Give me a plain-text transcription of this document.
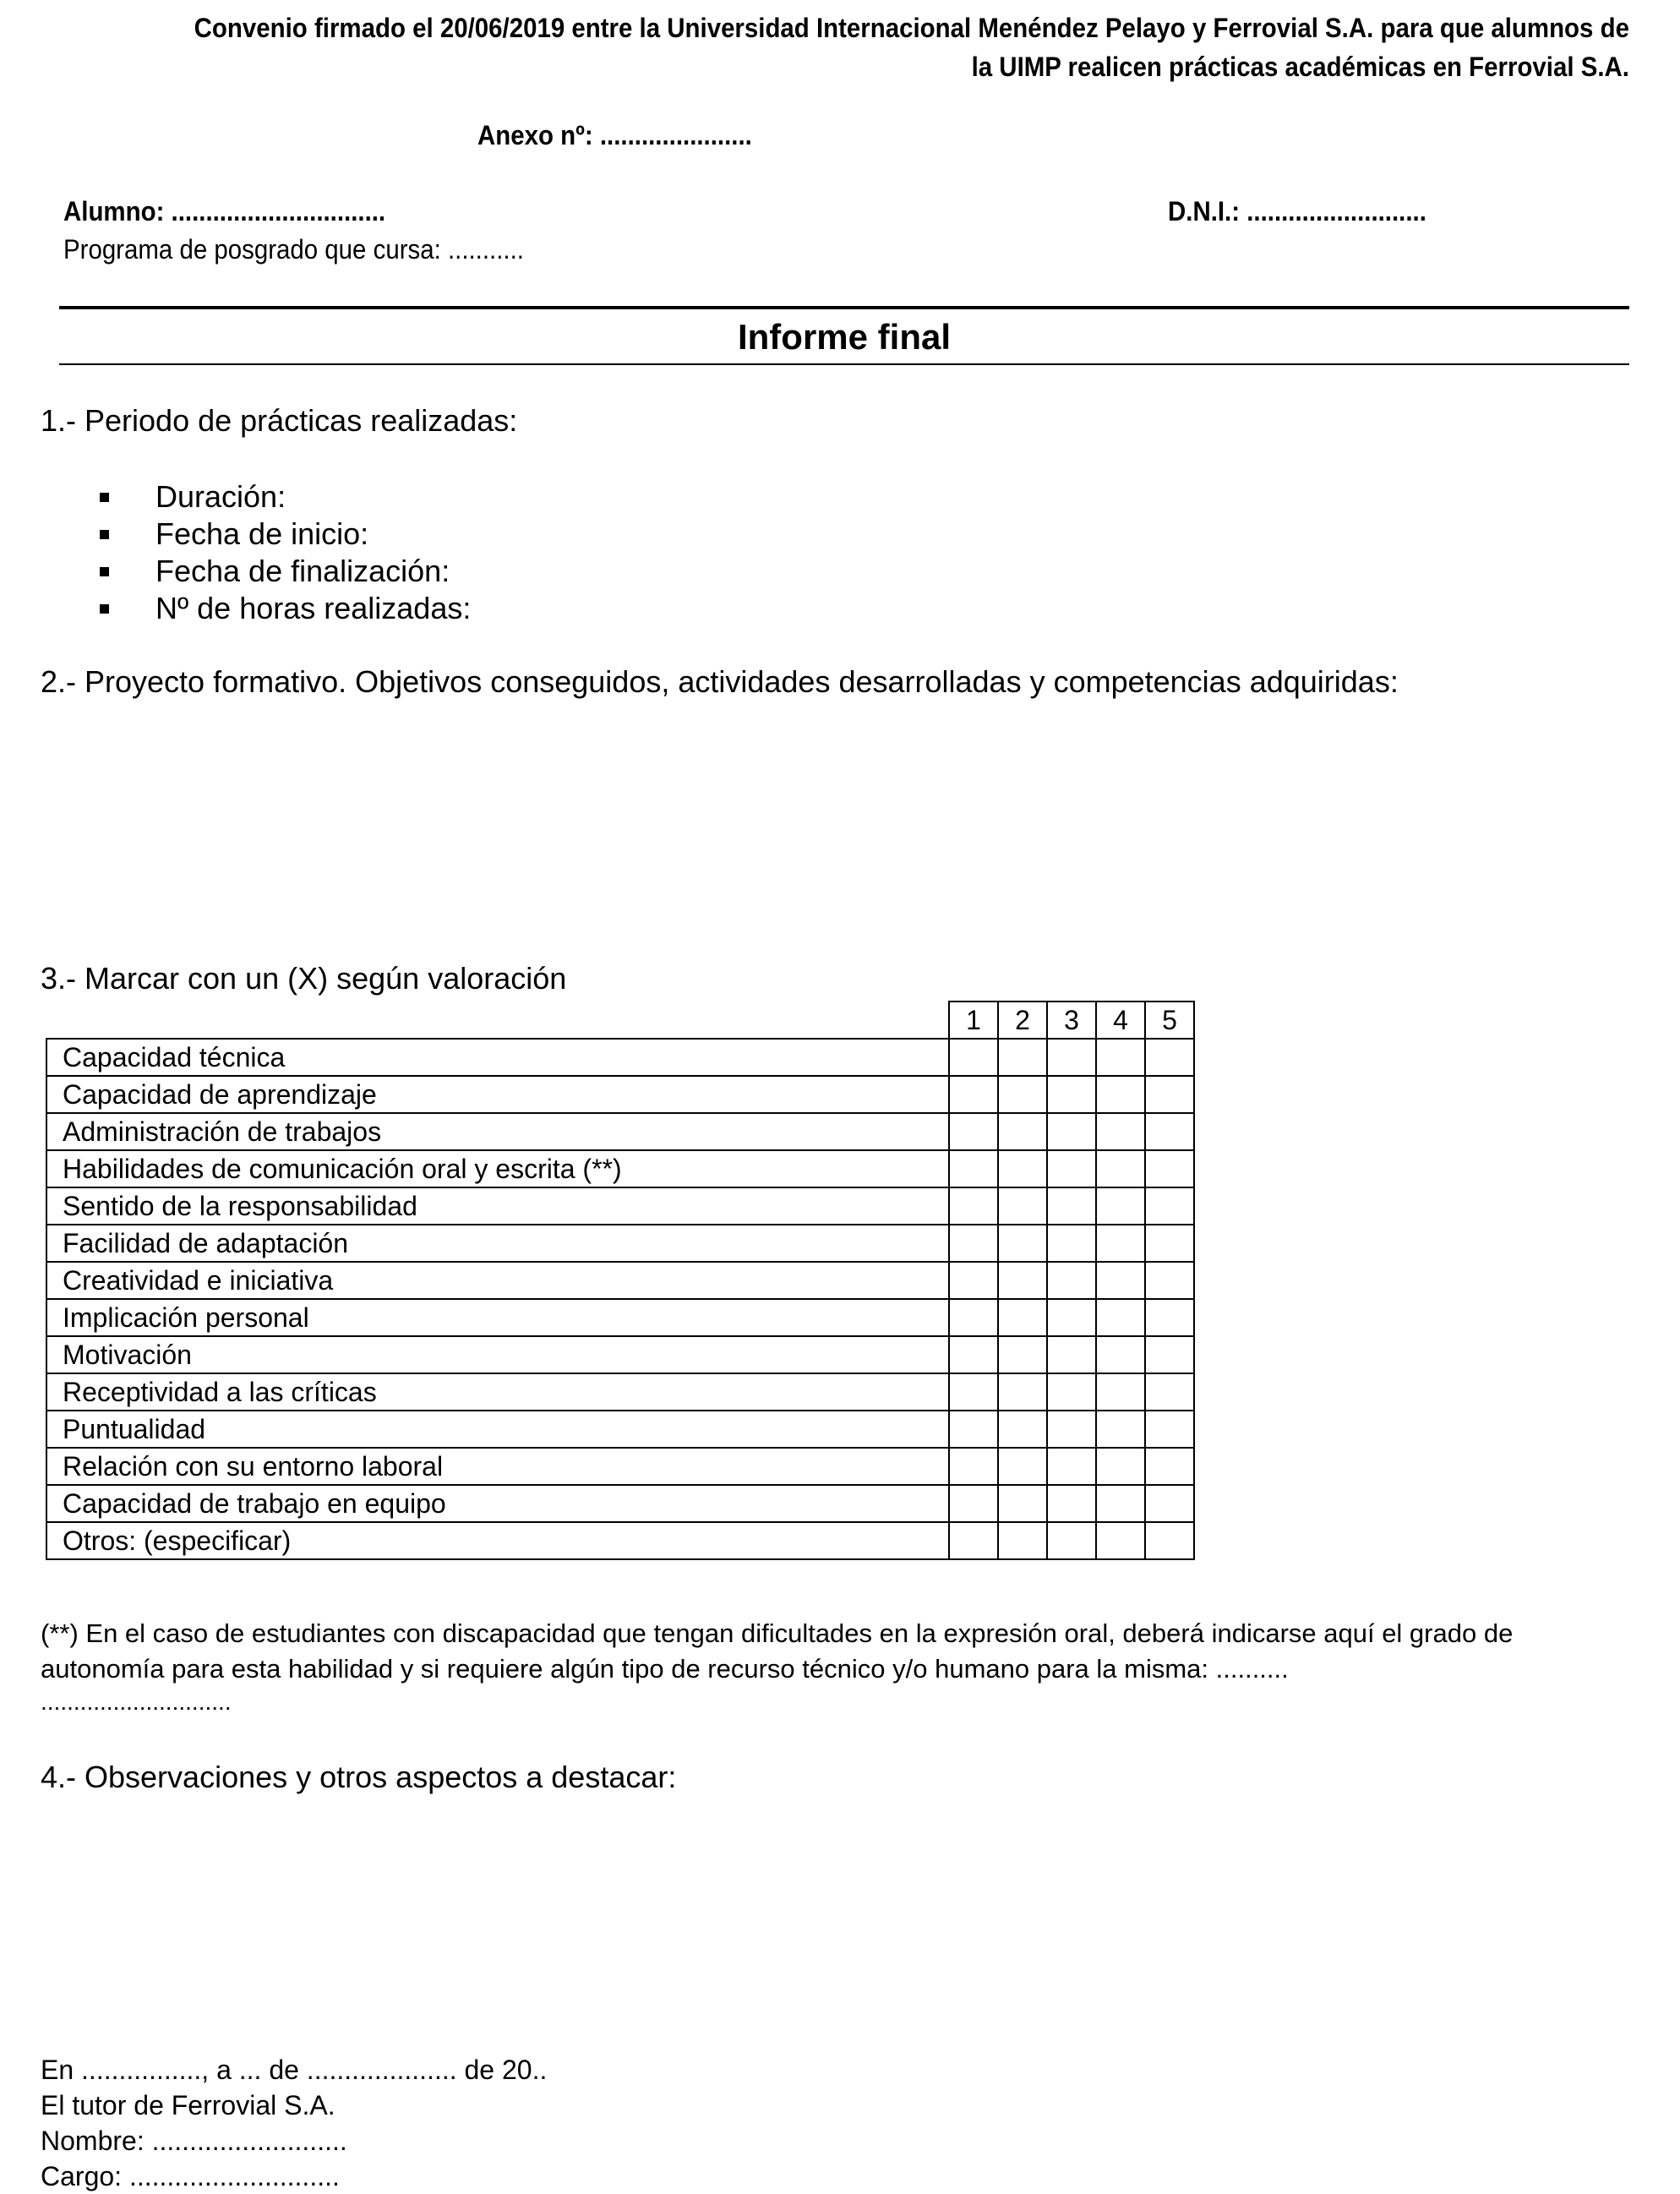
Convenio firmado el 20/06/2019 entre la Universidad Internacional Menéndez Pelayo y Ferrovial S.A. para que alumnos de
la UIMP realicen prácticas académicas en Ferrovial S.A.
Anexo nº: ......................
Alumno: ...............................	D.N.I.: ..........................
Programa de posgrado que cursa: ...........
Informe final
1.- Periodo de prácticas realizadas:
Duración:
Fecha de inicio:
Fecha de finalización:
Nº de horas realizadas:
2.- Proyecto formativo. Objetivos conseguidos, actividades desarrolladas y competencias adquiridas:
3.- Marcar con un (X) según valoración
	1	2	3	4	5
Capacidad técnica					
Capacidad de aprendizaje					
Administración de trabajos					
Habilidades de comunicación oral y escrita (**)					
Sentido de la responsabilidad					
Facilidad de adaptación					
Creatividad e iniciativa					
Implicación personal					
Motivación					
Receptividad a las críticas					
Puntualidad					
Relación con su entorno laboral					
Capacidad de trabajo en equipo					
Otros: (especificar)					
(**) En el caso de estudiantes con discapacidad que tengan dificultades en la expresión oral, deberá indicarse aquí el grado de autonomía para esta habilidad y si requiere algún tipo de recurso técnico y/o humano para la misma: ..........
.............................
4.- Observaciones y otros aspectos a destacar:
En ................, a ... de .................... de 20..
El tutor de Ferrovial S.A.
Nombre: ..........................
Cargo: ............................
